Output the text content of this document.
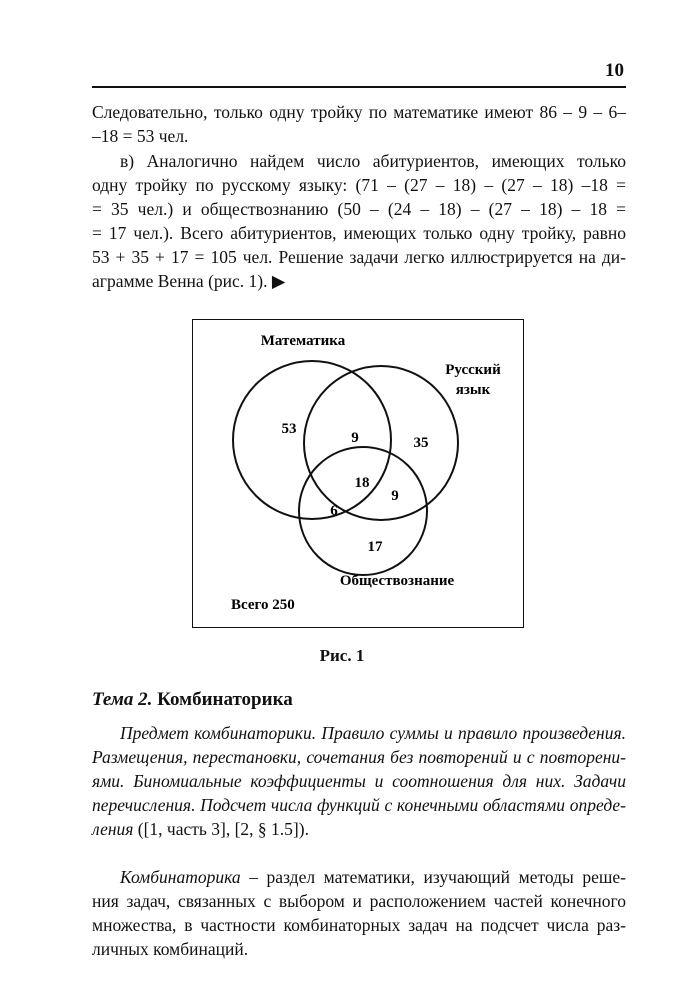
10

Следовательно, только одну тройку по математике имеют 86 – 9 – 6–
–18 = 53 чел.

в) Аналогично найдем число абитуриентов, имеющих только
одну тройку по русскому языку: (71 – (27 – 18) – (27 – 18) –18 =
= 35 чел.) и обществознанию (50 – (24 – 18) – (27 – 18) – 18 =
= 17 чел.). Всего абитуриентов, имеющих только одну тройку, равно
53 + 35 + 17 = 105 чел. Решение задачи легко иллюстрируется на ди-
аграмме Венна (рис. 1). ▶

Математика
Русский
язык
Обществознание
53
9	35
18
9
6
17
Всего 250
Рис. 1
Тема 2. Комбинаторика

Предмет комбинаторики. Правило суммы и правило произведения.
Размещения, перестановки, сочетания без повторений и с повторени-
ями. Биномиальные коэффициенты и соотношения для них. Задачи
перечисления. Подсчет числа функций с конечными областями опреде-
ления ([1, часть 3], [2, § 1.5]).

Комбинаторика – раздел математики, изучающий методы реше-
ния задач, связанных с выбором и расположением частей конечного
множества, в частности комбинаторных задач на подсчет числа раз-
личных комбинаций.
